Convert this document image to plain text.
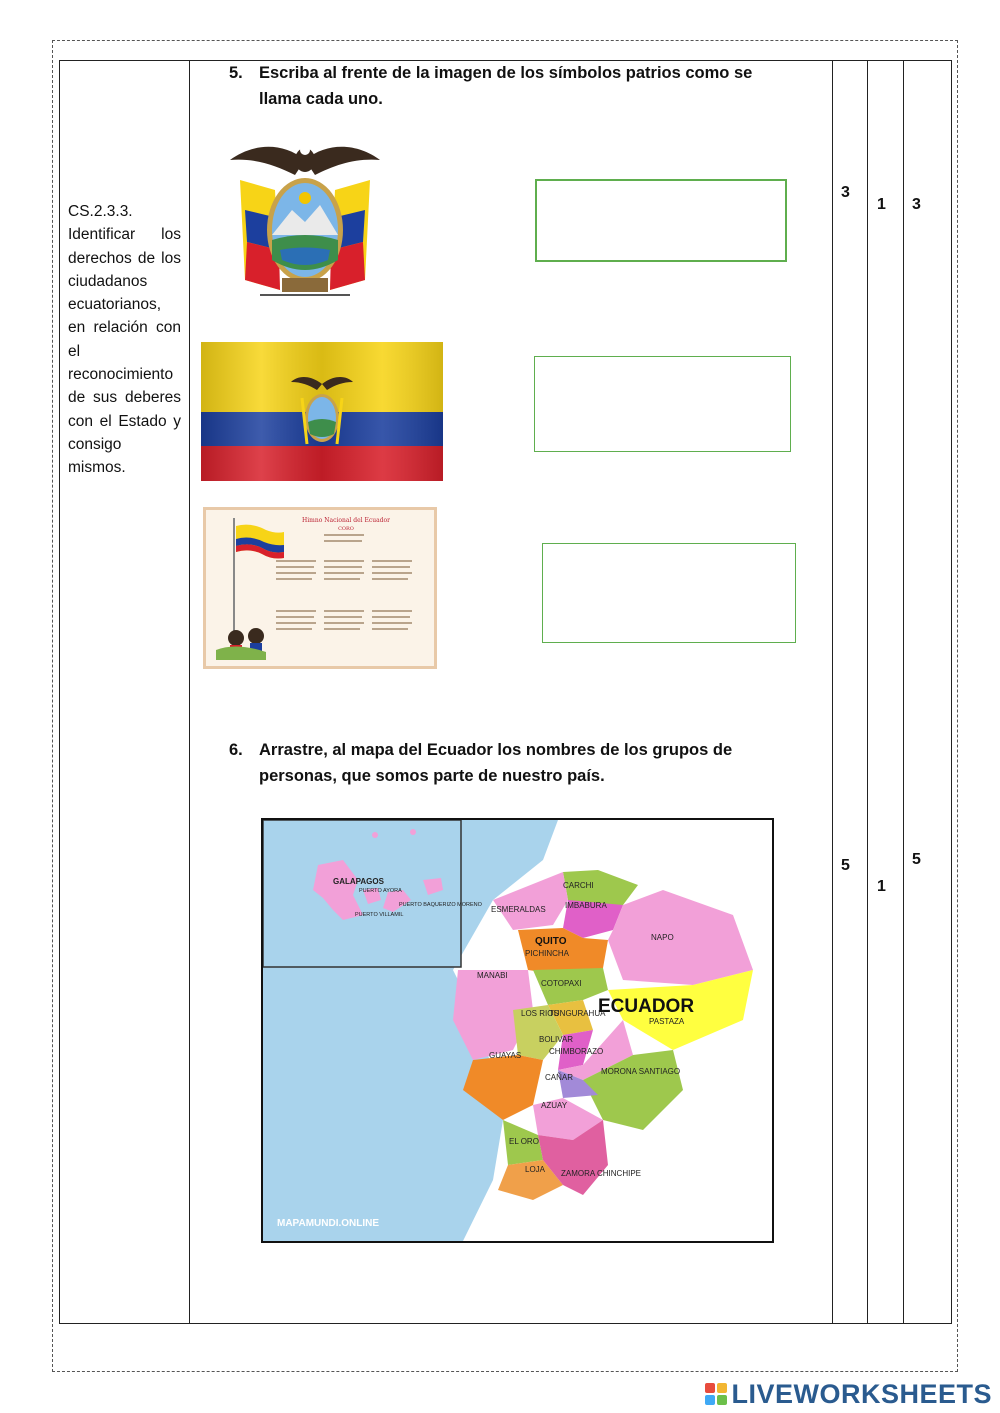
CS.2.3.3. Identificar los derechos de los ciudadanos ecuatorianos, en relación con el reconocimiento de sus deberes con el Estado y consigo mismos.
5. Escriba al frente de la imagen de los símbolos patrios como se
llama cada uno.
Himno Nacional del Ecuador
CORO
6. Arrastre, al mapa del Ecuador los nombres de los grupos de
personas, que somos parte de nuestro país.
GALAPAGOS
PUERTO AYORA
PUERTO VILLAMIL
PUERTO BAQUERIZO MORENO
ECUADOR
CARCHI
ESMERALDAS IMBABURA
PICHINCHA
NAPO
MANABI
COTOPAXI
TUNGURAHUA
PASTAZA
LOS RIOS
BOLIVAR
CHIMBORAZO
GUAYAS
MORONA SANTIAGO
CAÑAR
AZUAY
EL ORO
LOJA ZAMORA CHINCHIPE
QUITO
MAPAMUNDI.ONLINE
3
1 3
5
1
5
LIVEWORKSHEETS
